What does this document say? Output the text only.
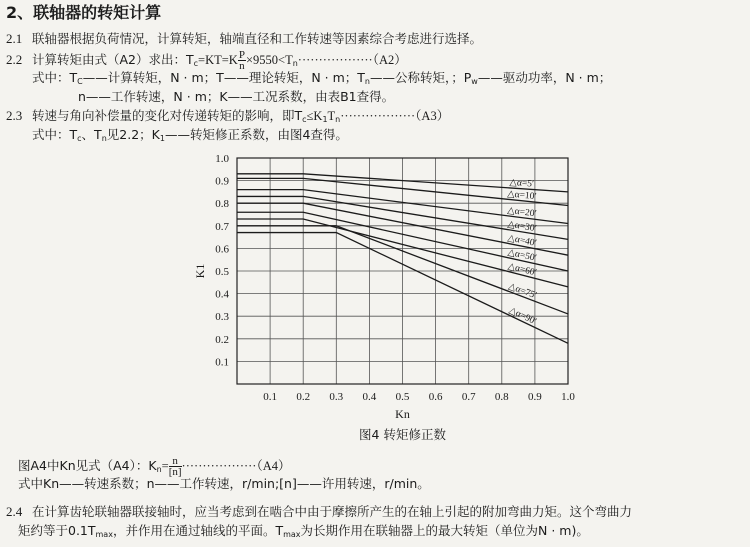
2、联轴器的转矩计算
2.1 联轴器根据负荷情况，计算转矩，轴端直径和工作转速等因素综合考虑进行选择。
2.2 计算转矩由式（A2）求出：$T_c=KT=K \frac{P}{n} \times 9550<T_n\cdot\cdot\cdot\cdot\cdot\cdot\cdot\cdot\cdot\cdot\cdot\cdot\cdot\cdot\cdot\cdot\cdot\cdot(A2)$
式中：$T_C——$计算转矩，N · m；T——理论转矩，N · m；$T_n——$公称转矩，；$P_w——$驱动功率，N · m；
n——工作转速，N · m；K——工况系数，由表B1查得。
2.3 转速与角向补偿量的变化对传递转矩的影响，即$T_c\le K_1T_n\cdot\cdot\cdot\cdot\cdot\cdot\cdot\cdot\cdot\cdot\cdot\cdot\cdot\cdot\cdot\cdot\cdot\cdot(A3)$
式中：$T_c$、$T_n$见2.2；$K_1——$转矩修正系数，由图4查得。
0.1 0.2 0.3 0.4 0.5 0.6 0.7 0.8 0.9 1.0
1.0
0.9
0.8
0.7
0.6
0.5
0.4
0.3
0.2
0.1
△α=5′
△α=10′
△α=20′
△α=30′
△α=40′
△α=50′
△α=60′
△α=75′
△α=90′
Kn
K1
图4 转矩修正数
图A4中Kn见式（A4）：$K_n= \frac{n}{[n]} \cdot\cdot\cdot\cdot\cdot\cdot\cdot\cdot\cdot\cdot\cdot\cdot\cdot\cdot\cdot\cdot\cdot\cdot(A4)$
式中Kn——转速系数；n——工作转速，r/min;[n]——许用转速，r/min。
2.4 在计算齿轮联轴器联接轴时，应当考虑到在啮合中由于摩擦所产生的在轴上引起的附加弯曲力矩。这个弯曲力
矩约等于$0.1T_{max}$，并作用在通过轴线的平面。$T_{max}$为长期作用在联轴器上的最大转矩（单位为N · m)。
